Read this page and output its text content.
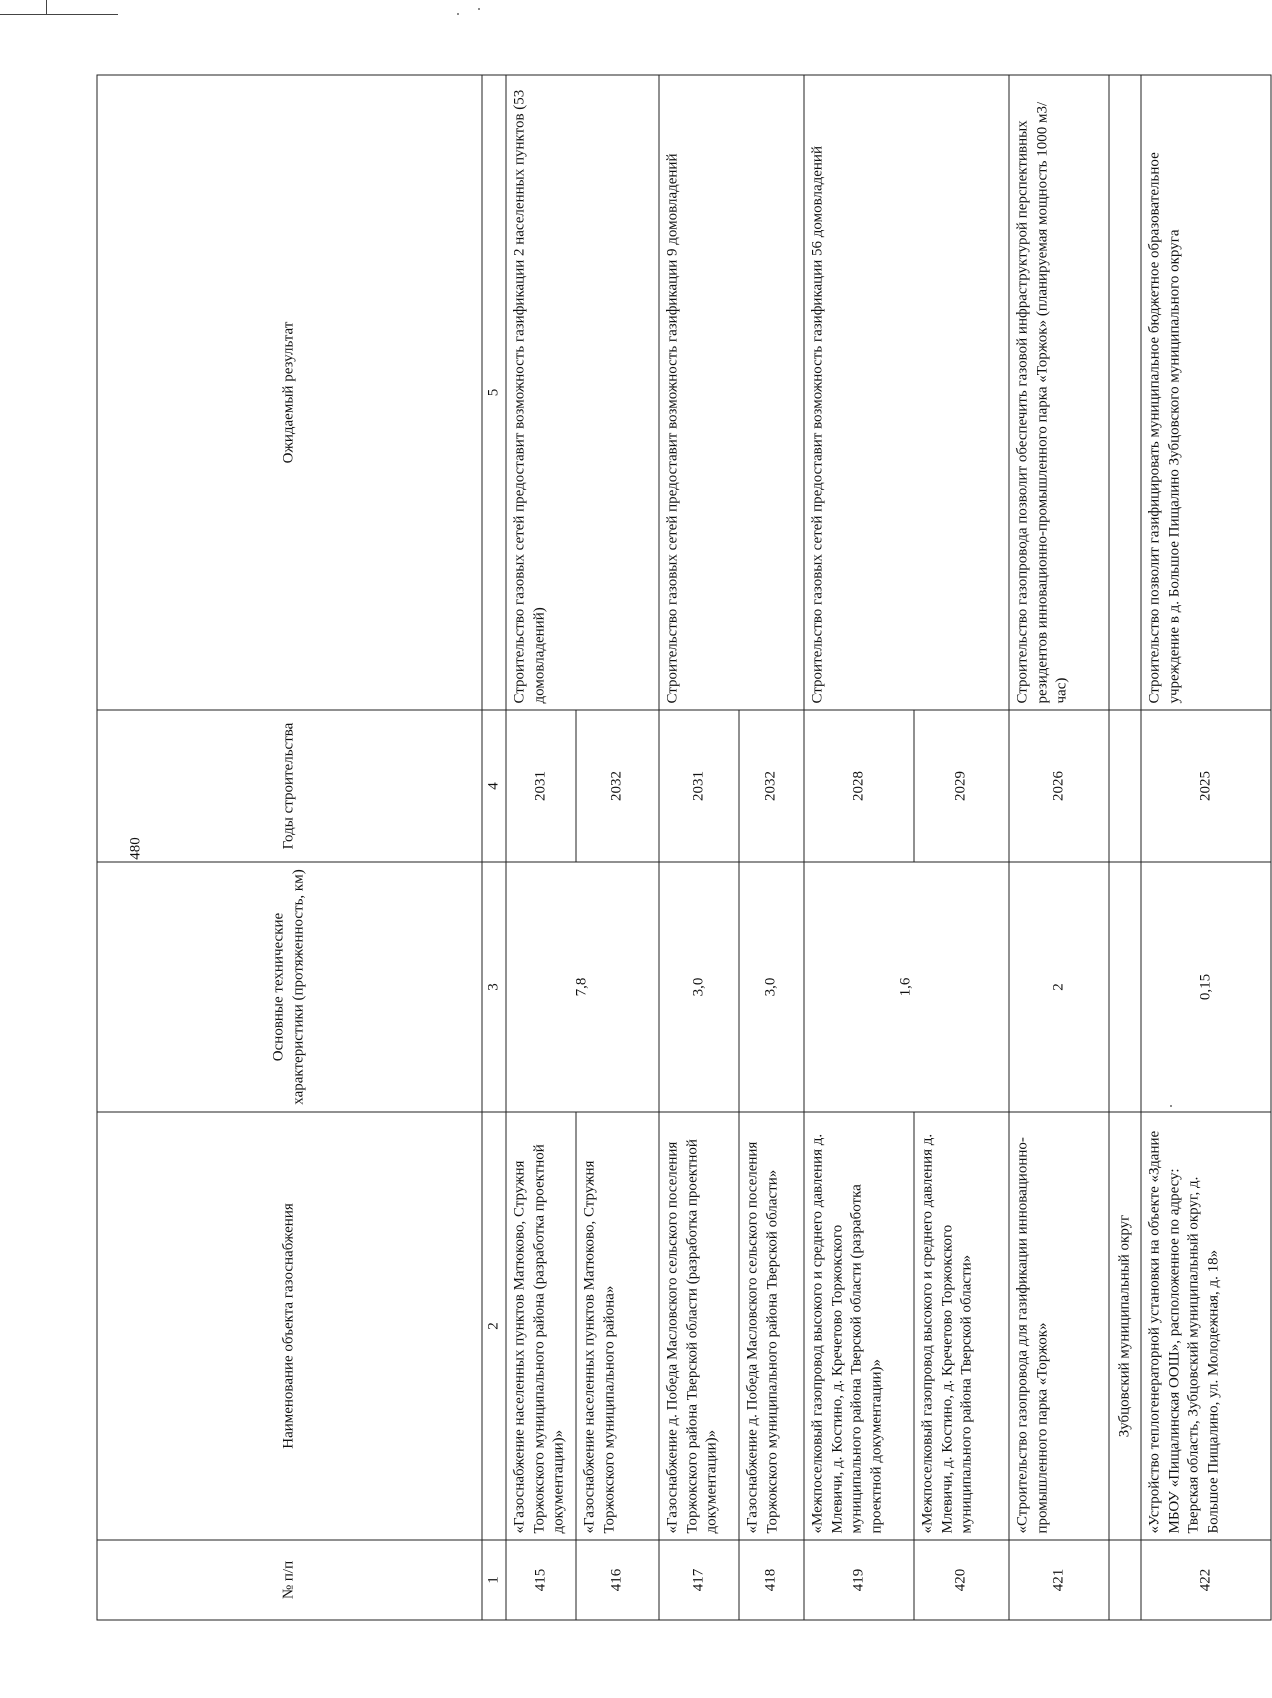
480
№ п/п	Наименование объекта газоснабжения	Основные технические характеристики (протяженность, км)	Годы строительства	Ожидаемый результат
1	2	3	4	5
415	«Газоснабжение населенных пунктов Матюково, Стружня Торжокского муниципального района (разработка проектной документации)»	7,8	2031	Строительство газовых сетей предоставит возможность газификации 2 населенных пунктов (53 домовладений)
416	«Газоснабжение населенных пунктов Матюково, Стружня Торжокского муниципального района»		2032	
417	«Газоснабжение д. Победа Масловского сельского поселения Торжокского района Тверской области (разработка проектной документации)»	3,0	2031	Строительство газовых сетей предоставит возможность газификации 9 домовладений
418	«Газоснабжение д. Победа Масловского сельского поселения Торжокского муниципального района Тверской области»	3,0	2032	
419	«Межпоселковый газопровод высокого и среднего давления д. Млевичи, д. Костино, д. Кречетово Торжокского муниципального района Тверской области (разработка проектной документации)»	1,6	2028	Строительство газовых сетей предоставит возможность газификации 56 домовладений
420	«Межпоселковый газопровод высокого и среднего давления д. Млевичи, д. Костино, д. Кречетово Торжокского муниципального района Тверской области»		2029	
421	«Строительство газопровода для газификации инновационно-промышленного парка «Торжок»	2	2026	Строительство газопровода позволит обеспечить газовой инфраструктурой перспективных резидентов инновационно-промышленного парка «Торжок» (планируемая мощность 1000 м3/час)
	Зубцовский муниципальный округ			
422	«Устройство теплогенераторной установки на объекте «Здание МБОУ «Пищалинская ООШ», расположенное по адресу: Тверская область, Зубцовский муниципальный округ, д. Большое Пищалино, ул. Молодежная, д. 18»	0,15	2025	Строительство позволит газифицировать муниципальное бюджетное образовательное учреждение в д. Большое Пищалино Зубцовского муниципального округа
